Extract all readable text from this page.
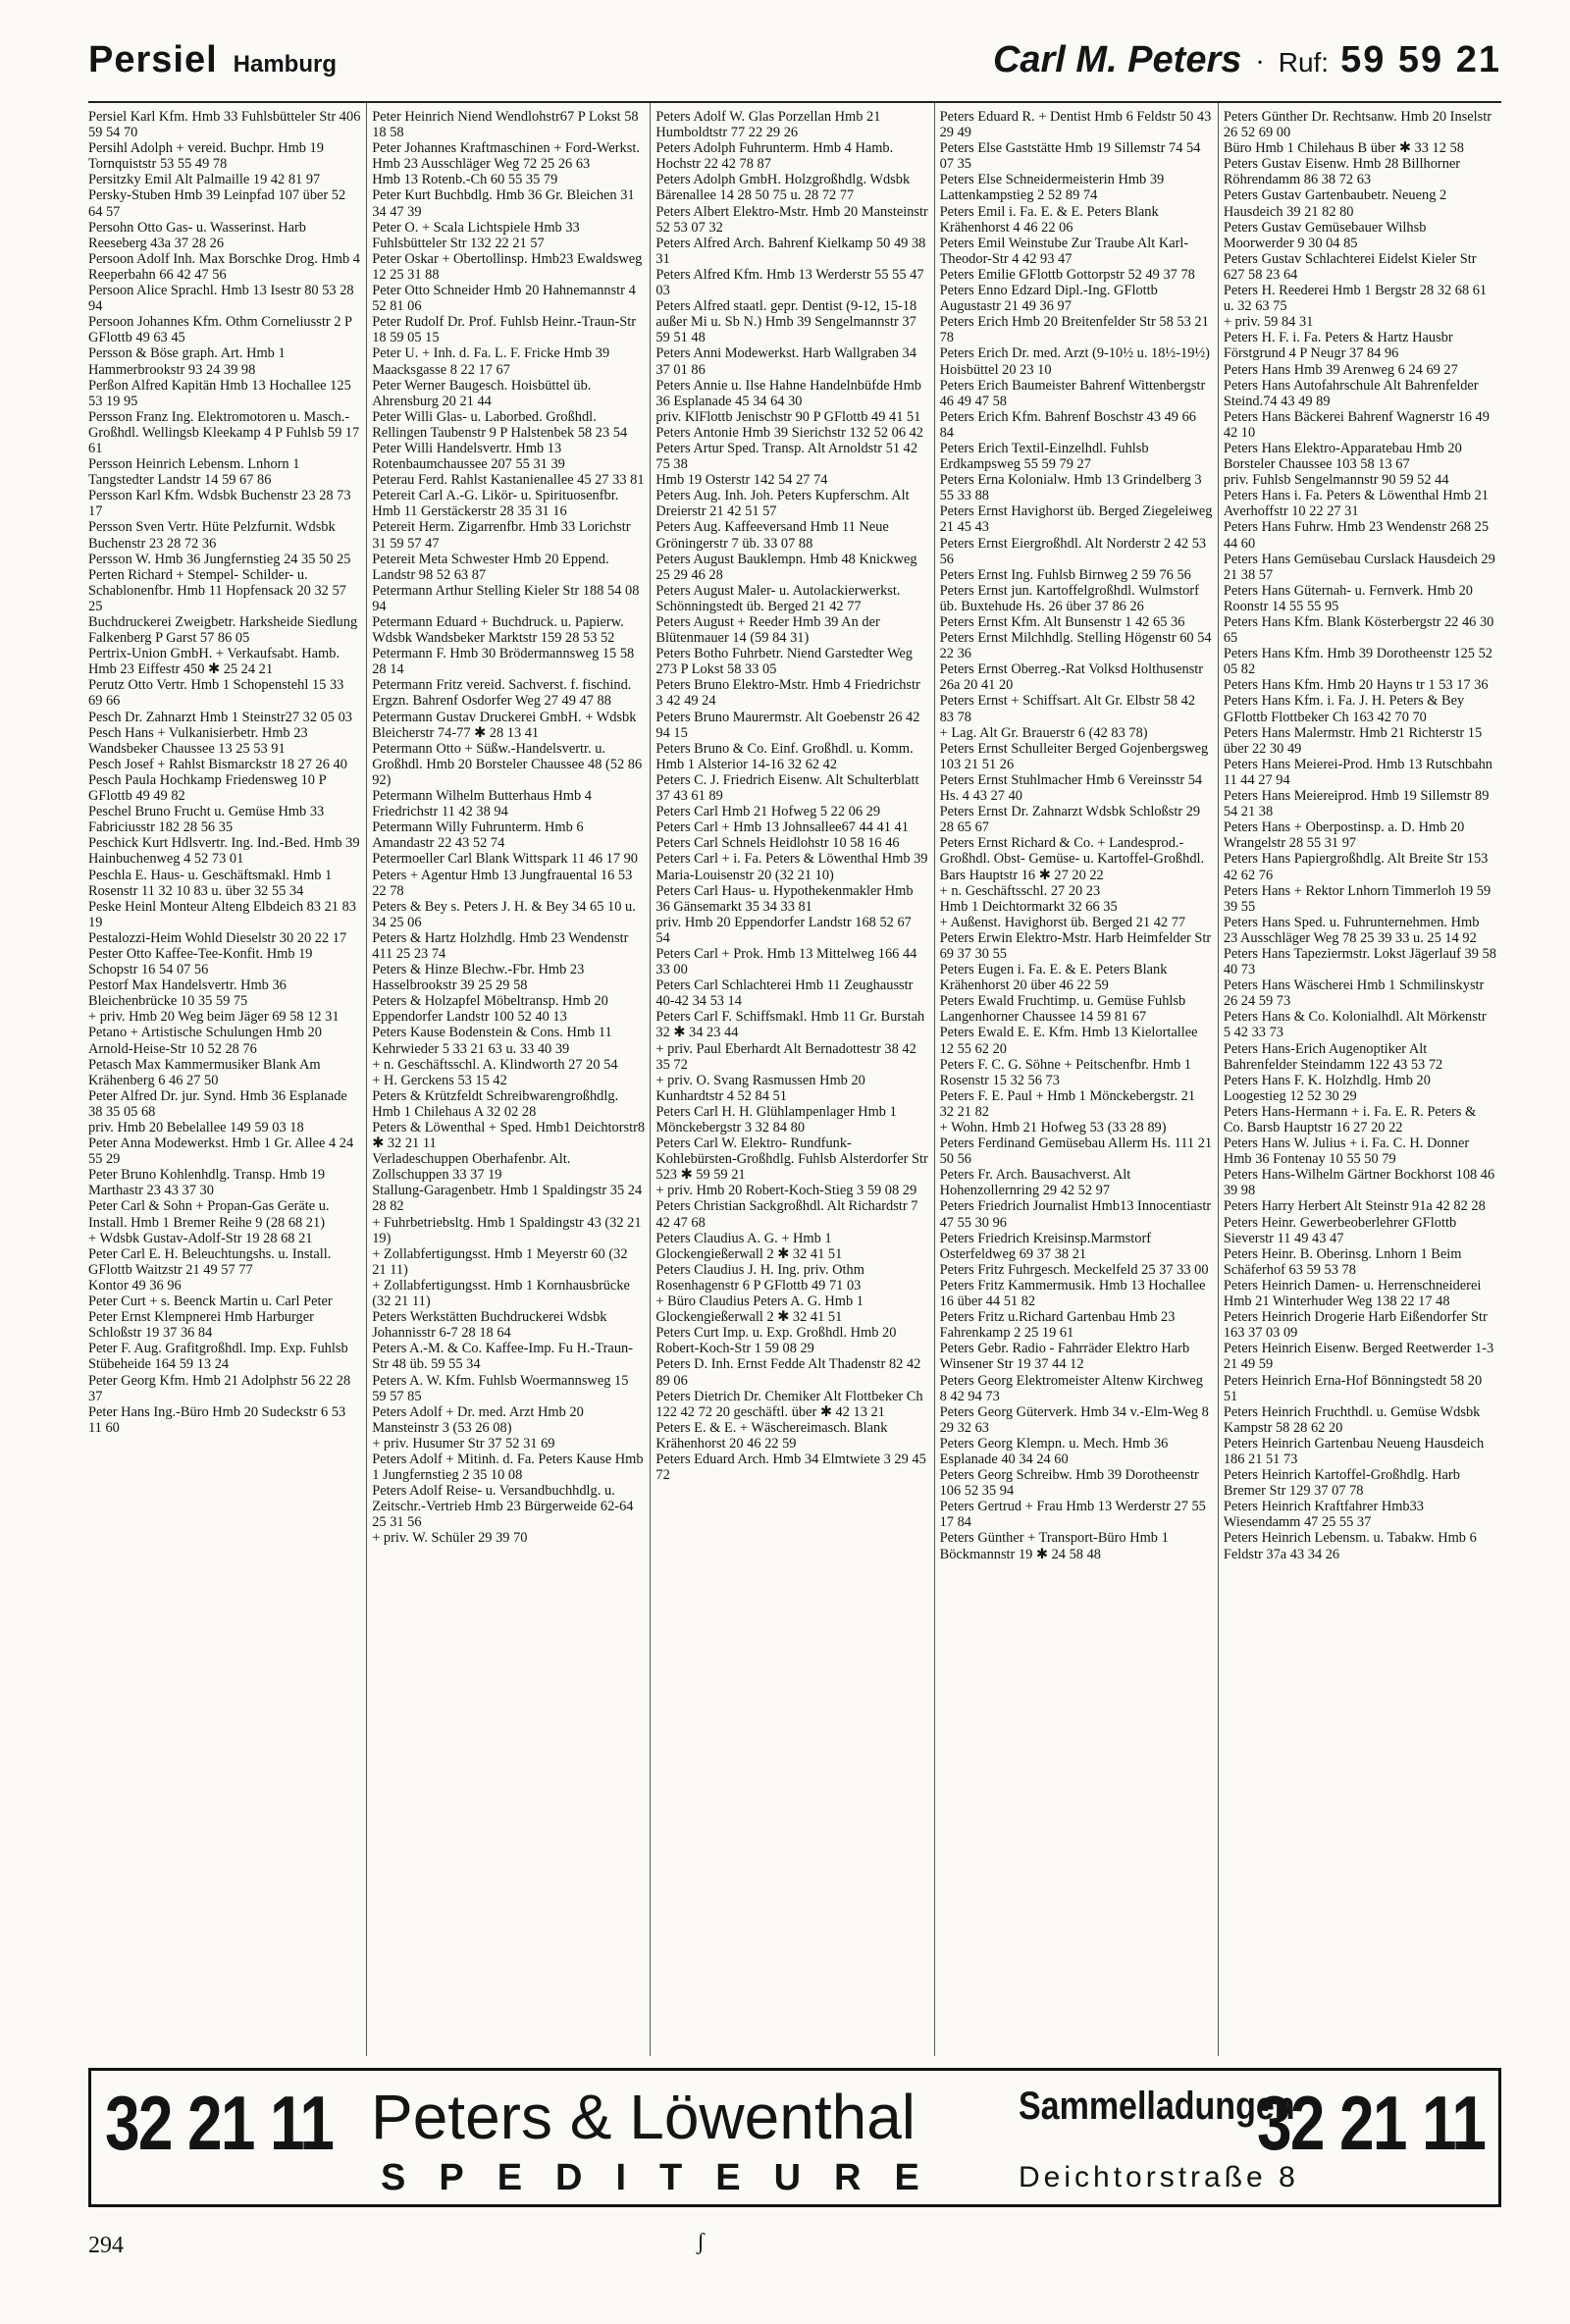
Persiel Hamburg	Carl M. Peters · Ruf: 59 59 21

Persiel Karl Kfm. Hmb 33 Fuhlsbütteler Str 406 59 54 70

Persihl Adolph + vereid. Buchpr. Hmb 19 Tornquiststr 53 55 49 78

Persitzky Emil Alt Palmaille 19 42 81 97

Persky-Stuben Hmb 39 Leinpfad 107 über 52 64 57

Persohn Otto Gas- u. Wasserinst. Harb Reeseberg 43a 37 28 26

Persoon Adolf Inh. Max Borschke Drog. Hmb 4 Reeperbahn 66 42 47 56

Persoon Alice Sprachl. Hmb 13 Isestr 80 53 28 94

Persoon Johannes Kfm. Othm Corneliusstr 2 P GFlottb 49 63 45

Persson & Böse graph. Art. Hmb 1 Hammerbrookstr 93 24 39 98

Perßon Alfred Kapitän Hmb 13 Hochallee 125 53 19 95

Persson Franz Ing. Elektromotoren u. Masch.-Großhdl. Wellingsb Kleekamp 4 P Fuhlsb 59 17 61

Persson Heinrich Lebensm. Lnhorn 1 Tangstedter Landstr 14 59 67 86

Persson Karl Kfm. Wdsbk Buchenstr 23 28 73 17

Persson Sven Vertr. Hüte Pelzfurnit. Wdsbk Buchenstr 23 28 72 36

Persson W. Hmb 36 Jungfernstieg 24 35 50 25

Perten Richard + Stempel- Schilder- u. Schablonenfbr. Hmb 11 Hopfensack 20 32 57 25

Buchdruckerei Zweigbetr. Harksheide Siedlung Falkenberg P Garst 57 86 05

Pertrix-Union GmbH. + Verkaufsabt. Hamb. Hmb 23 Eiffestr 450 ✱ 25 24 21

Perutz Otto Vertr. Hmb 1 Schopenstehl 15 33 69 66

Pesch Dr. Zahnarzt Hmb 1 Steinstr27 32 05 03

Pesch Hans + Vulkanisierbetr. Hmb 23 Wandsbeker Chaussee 13 25 53 91

Pesch Josef + Rahlst Bismarckstr 18 27 26 40

Pesch Paula Hochkamp Friedensweg 10 P GFlottb 49 49 82

Peschel Bruno Frucht u. Gemüse Hmb 33 Fabriciusstr 182 28 56 35

Peschick Kurt Hdlsvertr. Ing. Ind.-Bed. Hmb 39 Hainbuchenweg 4 52 73 01

Peschla E. Haus- u. Geschäftsmakl. Hmb 1 Rosenstr 11 32 10 83 u. über 32 55 34

Peske Heinl Monteur Alteng Elbdeich 83 21 83 19

Pestalozzi-Heim Wohld Dieselstr 30 20 22 17

Pester Otto Kaffee-Tee-Konfit. Hmb 19 Schopstr 16 54 07 56

Pestorf Max Handelsvertr. Hmb 36 Bleichenbrücke 10 35 59 75

+ priv. Hmb 20 Weg beim Jäger 69 58 12 31

Petano + Artistische Schulungen Hmb 20 Arnold-Heise-Str 10 52 28 76

Petasch Max Kammermusiker Blank Am Krähenberg 6 46 27 50

Peter Alfred Dr. jur. Synd. Hmb 36 Esplanade 38 35 05 68

priv. Hmb 20 Bebelallee 149 59 03 18

Peter Anna Modewerkst. Hmb 1 Gr. Allee 4 24 55 29

Peter Bruno Kohlenhdlg. Transp. Hmb 19 Marthastr 23 43 37 30

Peter Carl & Sohn + Propan-Gas Geräte u. Install. Hmb 1 Bremer Reihe 9 (28 68 21)

+ Wdsbk Gustav-Adolf-Str 19 28 68 21

Peter Carl E. H. Beleuchtungshs. u. Install. GFlottb Waitzstr 21 49 57 77

Kontor 49 36 96

Peter Curt + s. Beenck Martin u. Carl Peter

Peter Ernst Klempnerei Hmb Harburger Schloßstr 19 37 36 84

Peter F. Aug. Grafitgroßhdl. Imp. Exp. Fuhlsb Stübeheide 164 59 13 24

Peter Georg Kfm. Hmb 21 Adolphstr 56 22 28 37

Peter Hans Ing.-Büro Hmb 20 Sudeckstr 6 53 11 60

Peter Heinrich Niend Wendlohstr67 P Lokst 58 18 58

Peter Johannes Kraftmaschinen + Ford-Werkst. Hmb 23 Ausschläger Weg 72 25 26 63

Hmb 13 Rotenb.-Ch 60 55 35 79

Peter Kurt Buchbdlg. Hmb 36 Gr. Bleichen 31 34 47 39

Peter O. + Scala Lichtspiele Hmb 33 Fuhlsbütteler Str 132 22 21 57

Peter Oskar + Obertollinsp. Hmb23 Ewaldsweg 12 25 31 88

Peter Otto Schneider Hmb 20 Hahnemannstr 4 52 81 06

Peter Rudolf Dr. Prof. Fuhlsb Heinr.-Traun-Str 18 59 05 15

Peter U. + Inh. d. Fa. L. F. Fricke Hmb 39 Maacksgasse 8 22 17 67

Peter Werner Baugesch. Hoisbüttel üb. Ahrensburg 20 21 44

Peter Willi Glas- u. Laborbed. Großhdl. Rellingen Taubenstr 9 P Halstenbek 58 23 54

Peter Willi Handelsvertr. Hmb 13 Rotenbaumchaussee 207 55 31 39

Peterau Ferd. Rahlst Kastanienallee 45 27 33 81

Petereit Carl A.-G. Likör- u. Spirituosenfbr. Hmb 11 Gerstäckerstr 28 35 31 16

Petereit Herm. Zigarrenfbr. Hmb 33 Lorichstr 31 59 57 47

Petereit Meta Schwester Hmb 20 Eppend. Landstr 98 52 63 87

Petermann Arthur Stelling Kieler Str 188 54 08 94

Petermann Eduard + Buchdruck. u. Papierw. Wdsbk Wandsbeker Marktstr 159 28 53 52

Petermann F. Hmb 30 Brödermannsweg 15 58 28 14

Petermann Fritz vereid. Sachverst. f. fischind. Ergzn. Bahrenf Osdorfer Weg 27 49 47 88

Petermann Gustav Druckerei GmbH. + Wdsbk Bleicherstr 74-77 ✱ 28 13 41

Petermann Otto + Süßw.-Handelsvertr. u. Großhdl. Hmb 20 Borsteler Chaussee 48 (52 86 92)

Petermann Wilhelm Butterhaus Hmb 4 Friedrichstr 11 42 38 94

Petermann Willy Fuhrunterm. Hmb 6 Amandastr 22 43 52 74

Petermoeller Carl Blank Wittspark 11 46 17 90

Peters + Agentur Hmb 13 Jungfrauental 16 53 22 78

Peters & Bey s. Peters J. H. & Bey 34 65 10 u. 34 25 06

Peters & Hartz Holzhdlg. Hmb 23 Wendenstr 411 25 23 74

Peters & Hinze Blechw.-Fbr. Hmb 23 Hasselbrookstr 39 25 29 58

Peters & Holzapfel Möbeltransp. Hmb 20 Eppendorfer Landstr 100 52 40 13

Peters Kause Bodenstein & Cons. Hmb 11 Kehrwieder 5 33 21 63 u. 33 40 39

+ n. Geschäftsschl. A. Klindworth 27 20 54

+ H. Gerckens 53 15 42

Peters & Krützfeldt Schreibwarengroßhdlg. Hmb 1 Chilehaus A 32 02 28

Peters & Löwenthal + Sped. Hmb1 Deichtorstr8 ✱ 32 21 11

Verladeschuppen Oberhafenbr. Alt. Zollschuppen 33 37 19

Stallung-Garagenbetr. Hmb 1 Spaldingstr 35 24 28 82

+ Fuhrbetriebsltg. Hmb 1 Spaldingstr 43 (32 21 19)

+ Zollabfertigungsst. Hmb 1 Meyerstr 60 (32 21 11)

+ Zollabfertigungsst. Hmb 1 Kornhausbrücke (32 21 11)

Peters Werkstätten Buchdruckerei Wdsbk Johannisstr 6-7 28 18 64

Peters A.-M. & Co. Kaffee-Imp. Fu H.-Traun-Str 48 üb. 59 55 34

Peters A. W. Kfm. Fuhlsb Woermannsweg 15 59 57 85

Peters Adolf + Dr. med. Arzt Hmb 20 Mansteinstr 3 (53 26 08)

+ priv. Husumer Str 37 52 31 69

Peters Adolf + Mitinh. d. Fa. Peters Kause Hmb 1 Jungfernstieg 2 35 10 08

Peters Adolf Reise- u. Versandbuchhdlg. u. Zeitschr.-Vertrieb Hmb 23 Bürgerweide 62-64 25 31 56

+ priv. W. Schüler 29 39 70

Peters Adolf W. Glas Porzellan Hmb 21 Humboldtstr 77 22 29 26

Peters Adolph Fuhrunterm. Hmb 4 Hamb. Hochstr 22 42 78 87

Peters Adolph GmbH. Holzgroßhdlg. Wdsbk Bärenallee 14 28 50 75 u. 28 72 77

Peters Albert Elektro-Mstr. Hmb 20 Mansteinstr 52 53 07 32

Peters Alfred Arch. Bahrenf Kielkamp 50 49 38 31

Peters Alfred Kfm. Hmb 13 Werderstr 55 55 47 03

Peters Alfred staatl. gepr. Dentist (9-12, 15-18 außer Mi u. Sb N.) Hmb 39 Sengelmannstr 37 59 51 48

Peters Anni Modewerkst. Harb Wallgraben 34 37 01 86

Peters Annie u. Ilse Hahne Handelnbüfde Hmb 36 Esplanade 45 34 64 30

priv. KlFlottb Jenischstr 90 P GFlottb 49 41 51

Peters Antonie Hmb 39 Sierichstr 132 52 06 42

Peters Artur Sped. Transp. Alt Arnoldstr 51 42 75 38

Hmb 19 Osterstr 142 54 27 74

Peters Aug. Inh. Joh. Peters Kupferschm. Alt Dreierstr 21 42 51 57

Peters Aug. Kaffeeversand Hmb 11 Neue Gröningerstr 7 üb. 33 07 88

Peters August Bauklempn. Hmb 48 Knickweg 25 29 46 28

Peters August Maler- u. Autolackierwerkst. Schönningstedt üb. Berged 21 42 77

Peters August + Reeder Hmb 39 An der Blütenmauer 14 (59 84 31)

Peters Botho Fuhrbetr. Niend Garstedter Weg 273 P Lokst 58 33 05

Peters Bruno Elektro-Mstr. Hmb 4 Friedrichstr 3 42 49 24

Peters Bruno Maurermstr. Alt Goebenstr 26 42 94 15

Peters Bruno & Co. Einf. Großhdl. u. Komm. Hmb 1 Alsterior 14-16 32 62 42

Peters C. J. Friedrich Eisenw. Alt Schulterblatt 37 43 61 89

Peters Carl Hmb 21 Hofweg 5 22 06 29

Peters Carl + Hmb 13 Johnsallee67 44 41 41

Peters Carl Schnels Heidlohstr 10 58 16 46

Peters Carl + i. Fa. Peters & Löwenthal Hmb 39 Maria-Louisenstr 20 (32 21 10)

Peters Carl Haus- u. Hypothekenmakler Hmb 36 Gänsemarkt 35 34 33 81

priv. Hmb 20 Eppendorfer Landstr 168 52 67 54

Peters Carl + Prok. Hmb 13 Mittelweg 166 44 33 00

Peters Carl Schlachterei Hmb 11 Zeughausstr 40-42 34 53 14

Peters Carl F. Schiffsmakl. Hmb 11 Gr. Burstah 32 ✱ 34 23 44

+ priv. Paul Eberhardt Alt Bernadottestr 38 42 35 72

+ priv. O. Svang Rasmussen Hmb 20 Kunhardtstr 4 52 84 51

Peters Carl H. H. Glühlampenlager Hmb 1 Mönckebergstr 3 32 84 80

Peters Carl W. Elektro- Rundfunk-Kohlebürsten-Großhdlg. Fuhlsb Alsterdorfer Str 523 ✱ 59 59 21

+ priv. Hmb 20 Robert-Koch-Stieg 3 59 08 29

Peters Christian Sackgroßhdl. Alt Richardstr 7 42 47 68

Peters Claudius A. G. + Hmb 1 Glockengießerwall 2 ✱ 32 41 51

Peters Claudius J. H. Ing. priv. Othm Rosenhagenstr 6 P GFlottb 49 71 03

+ Büro Claudius Peters A. G. Hmb 1 Glockengießerwall 2 ✱ 32 41 51

Peters Curt Imp. u. Exp. Großhdl. Hmb 20 Robert-Koch-Str 1 59 08 29

Peters D. Inh. Ernst Fedde Alt Thadenstr 82 42 89 06

Peters Dietrich Dr. Chemiker Alt Flottbeker Ch 122 42 72 20 geschäftl. über ✱ 42 13 21

Peters E. & E. + Wäschereimasch. Blank Krähenhorst 20 46 22 59

Peters Eduard Arch. Hmb 34 Elmtwiete 3 29 45 72

Peters Eduard R. + Dentist Hmb 6 Feldstr 50 43 29 49

Peters Else Gaststätte Hmb 19 Sillemstr 74 54 07 35

Peters Else Schneidermeisterin Hmb 39 Lattenkampstieg 2 52 89 74

Peters Emil i. Fa. E. & E. Peters Blank Krähenhorst 4 46 22 06

Peters Emil Weinstube Zur Traube Alt Karl-Theodor-Str 4 42 93 47

Peters Emilie GFlottb Gottorpstr 52 49 37 78

Peters Enno Edzard Dipl.-Ing. GFlottb Augustastr 21 49 36 97

Peters Erich Hmb 20 Breitenfelder Str 58 53 21 78

Peters Erich Dr. med. Arzt (9-10½ u. 18½-19½) Hoisbüttel 20 23 10

Peters Erich Baumeister Bahrenf Wittenbergstr 46 49 47 58

Peters Erich Kfm. Bahrenf Boschstr 43 49 66 84

Peters Erich Textil-Einzelhdl. Fuhlsb Erdkampsweg 55 59 79 27

Peters Erna Kolonialw. Hmb 13 Grindelberg 3 55 33 88

Peters Ernst Havighorst üb. Berged Ziegeleiweg 21 45 43

Peters Ernst Eiergroßhdl. Alt Norderstr 2 42 53 56

Peters Ernst Ing. Fuhlsb Birnweg 2 59 76 56

Peters Ernst jun. Kartoffelgroßhdl. Wulmstorf üb. Buxtehude Hs. 26 über 37 86 26

Peters Ernst Kfm. Alt Bunsenstr 1 42 65 36

Peters Ernst Milchhdlg. Stelling Högenstr 60 54 22 36

Peters Ernst Oberreg.-Rat Volksd Holthusenstr 26a 20 41 20

Peters Ernst + Schiffsart. Alt Gr. Elbstr 58 42 83 78

+ Lag. Alt Gr. Brauerstr 6 (42 83 78)

Peters Ernst Schulleiter Berged Gojenbergsweg 103 21 51 26

Peters Ernst Stuhlmacher Hmb 6 Vereinsstr 54 Hs. 4 43 27 40

Peters Ernst Dr. Zahnarzt Wdsbk Schloßstr 29 28 65 67

Peters Ernst Richard & Co. + Landesprod.-Großhdl. Obst- Gemüse- u. Kartoffel-Großhdl. Bars Hauptstr 16 ✱ 27 20 22

+ n. Geschäftsschl. 27 20 23

Hmb 1 Deichtormarkt 32 66 35

+ Außenst. Havighorst üb. Berged 21 42 77

Peters Erwin Elektro-Mstr. Harb Heimfelder Str 69 37 30 55

Peters Eugen i. Fa. E. & E. Peters Blank Krähenhorst 20 über 46 22 59

Peters Ewald Fruchtimp. u. Gemüse Fuhlsb Langenhorner Chaussee 14 59 81 67

Peters Ewald E. E. Kfm. Hmb 13 Kielortallee 12 55 62 20

Peters F. C. G. Söhne + Peitschenfbr. Hmb 1 Rosenstr 15 32 56 73

Peters F. E. Paul + Hmb 1 Mönckebergstr. 21 32 21 82

+ Wohn. Hmb 21 Hofweg 53 (33 28 89)

Peters Ferdinand Gemüsebau Allerm Hs. 111 21 50 56

Peters Fr. Arch. Bausachverst. Alt Hohenzollernring 29 42 52 97

Peters Friedrich Journalist Hmb13 Innocentiastr 47 55 30 96

Peters Friedrich Kreisinsp.Marmstorf Osterfeldweg 69 37 38 21

Peters Fritz Fuhrgesch. Meckelfeld 25 37 33 00

Peters Fritz Kammermusik. Hmb 13 Hochallee 16 über 44 51 82

Peters Fritz u.Richard Gartenbau Hmb 23 Fahrenkamp 2 25 19 61

Peters Gebr. Radio - Fahrräder Elektro Harb Winsener Str 19 37 44 12

Peters Georg Elektromeister Altenw Kirchweg 8 42 94 73

Peters Georg Güterverk. Hmb 34 v.-Elm-Weg 8 29 32 63

Peters Georg Klempn. u. Mech. Hmb 36 Esplanade 40 34 24 60

Peters Georg Schreibw. Hmb 39 Dorotheenstr 106 52 35 94

Peters Gertrud + Frau Hmb 13 Werderstr 27 55 17 84

Peters Günther + Transport-Büro Hmb 1 Böckmannstr 19 ✱ 24 58 48

Peters Günther Dr. Rechtsanw. Hmb 20 Inselstr 26 52 69 00

Büro Hmb 1 Chilehaus B über ✱ 33 12 58

Peters Gustav Eisenw. Hmb 28 Billhorner Röhrendamm 86 38 72 63

Peters Gustav Gartenbaubetr. Neueng 2 Hausdeich 39 21 82 80

Peters Gustav Gemüsebauer Wilhsb Moorwerder 9 30 04 85

Peters Gustav Schlachterei Eidelst Kieler Str 627 58 23 64

Peters H. Reederei Hmb 1 Bergstr 28 32 68 61 u. 32 63 75

+ priv. 59 84 31

Peters H. F. i. Fa. Peters & Hartz Hausbr Förstgrund 4 P Neugr 37 84 96

Peters Hans Hmb 39 Arenweg 6 24 69 27

Peters Hans Autofahrschule Alt Bahrenfelder Steind.74 43 49 89

Peters Hans Bäckerei Bahrenf Wagnerstr 16 49 42 10

Peters Hans Elektro-Apparatebau Hmb 20 Borsteler Chaussee 103 58 13 67

priv. Fuhlsb Sengelmannstr 90 59 52 44

Peters Hans i. Fa. Peters & Löwenthal Hmb 21 Averhoffstr 10 22 27 31

Peters Hans Fuhrw. Hmb 23 Wendenstr 268 25 44 60

Peters Hans Gemüsebau Curslack Hausdeich 29 21 38 57

Peters Hans Güternah- u. Fernverk. Hmb 20 Roonstr 14 55 55 95

Peters Hans Kfm. Blank Kösterbergstr 22 46 30 65

Peters Hans Kfm. Hmb 39 Dorotheenstr 125 52 05 82

Peters Hans Kfm. Hmb 20 Hayns tr 1 53 17 36

Peters Hans Kfm. i. Fa. J. H. Peters & Bey GFlottb Flottbeker Ch 163 42 70 70

Peters Hans Malermstr. Hmb 21 Richterstr 15 über 22 30 49

Peters Hans Meierei-Prod. Hmb 13 Rutschbahn 11 44 27 94

Peters Hans Meiereiprod. Hmb 19 Sillemstr 89 54 21 38

Peters Hans + Oberpostinsp. a. D. Hmb 20 Wrangelstr 28 55 31 97

Peters Hans Papiergroßhdlg. Alt Breite Str 153 42 62 76

Peters Hans + Rektor Lnhorn Timmerloh 19 59 39 55

Peters Hans Sped. u. Fuhrunternehmen. Hmb 23 Ausschläger Weg 78 25 39 33 u. 25 14 92

Peters Hans Tapeziermstr. Lokst Jägerlauf 39 58 40 73

Peters Hans Wäscherei Hmb 1 Schmilinskystr 26 24 59 73

Peters Hans & Co. Kolonialhdl. Alt Mörkenstr 5 42 33 73

Peters Hans-Erich Augenoptiker Alt Bahrenfelder Steindamm 122 43 53 72

Peters Hans F. K. Holzhdlg. Hmb 20 Loogestieg 12 52 30 29

Peters Hans-Hermann + i. Fa. E. R. Peters & Co. Barsb Hauptstr 16 27 20 22

Peters Hans W. Julius + i. Fa. C. H. Donner Hmb 36 Fontenay 10 55 50 79

Peters Hans-Wilhelm Gärtner Bockhorst 108 46 39 98

Peters Harry Herbert Alt Steinstr 91a 42 82 28

Peters Heinr. Gewerbeoberlehrer GFlottb Sieverstr 11 49 43 47

Peters Heinr. B. Oberinsg. Lnhorn 1 Beim Schäferhof 63 59 53 78

Peters Heinrich Damen- u. Herrenschneiderei Hmb 21 Winterhuder Weg 138 22 17 48

Peters Heinrich Drogerie Harb Eißendorfer Str 163 37 03 09

Peters Heinrich Eisenw. Berged Reetwerder 1-3 21 49 59

Peters Heinrich Erna-Hof Bönningstedt 58 20 51

Peters Heinrich Fruchthdl. u. Gemüse Wdsbk Kampstr 58 28 62 20

Peters Heinrich Gartenbau Neueng Hausdeich 186 21 51 73

Peters Heinrich Kartoffel-Großhdlg. Harb Bremer Str 129 37 07 78

Peters Heinrich Kraftfahrer Hmb33 Wiesendamm 47 25 55 37

Peters Heinrich Lebensm. u. Tabakw. Hmb 6 Feldstr 37a 43 34 26

32 21 11 Peters & Löwenthal	Sammelladungen
SPEDITEURE Deichtorstraße 8
32 21 11
294	ʃ
